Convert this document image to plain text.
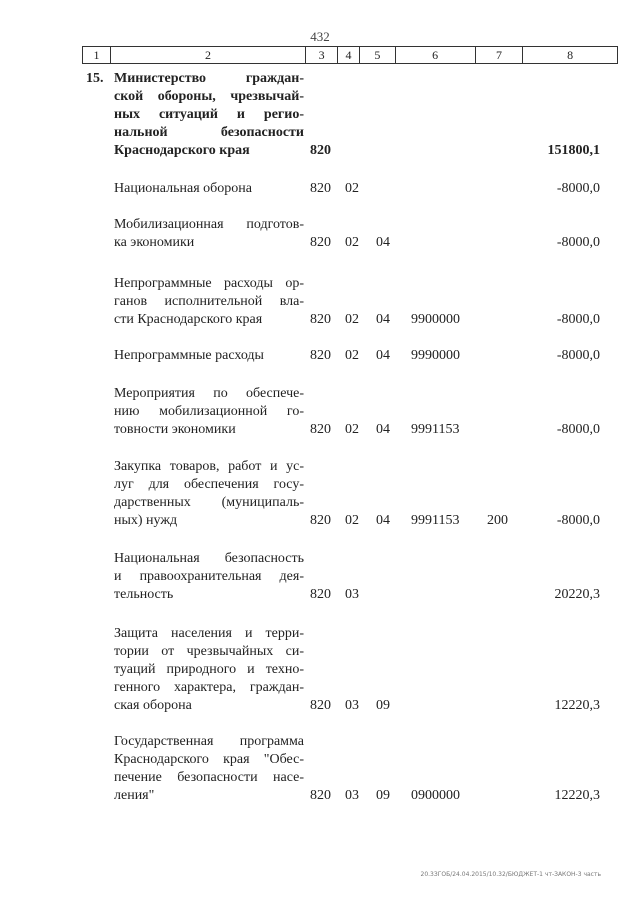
432
1	2	3	4	5	6	7	8
15. Министерство граждан-
ской обороны, чрезвычай-
ных ситуаций и регио-
нальной безопасности
Краснодарского края	820	151800,1
Национальная оборона	820 02	-8000,0
Мобилизационная подготов-
ка экономики	820 02 04	-8000,0
Непрограммные расходы ор-
ганов исполнительной вла-
сти Краснодарского края	820 02 04 9900000	-8000,0
Непрограммные расходы	820 02 04 9990000	-8000,0
Мероприятия по обеспече-
нию мобилизационной го-
товности экономики	820 02 04 9991153	-8000,0
Закупка товаров, работ и ус-
луг для обеспечения госу-
дарственных (муниципаль-
ных) нужд	820 02 04 9991153 200	-8000,0
Национальная безопасность
и правоохранительная дея-
тельность	820 03	20220,3
Защита населения и терри-
тории от чрезвычайных си-
туаций природного и техно-
генного характера, граждан-
ская оборона	820 03 09	12220,3
Государственная программа
Краснодарского края "Обес-
печение безопасности насе-
ления"	820 03 09 0900000	12220,3
20.3ЗГОБ/24.04.2015/10.32/БЮДЖЕТ-1 чт-ЗАКОН-3 часть
